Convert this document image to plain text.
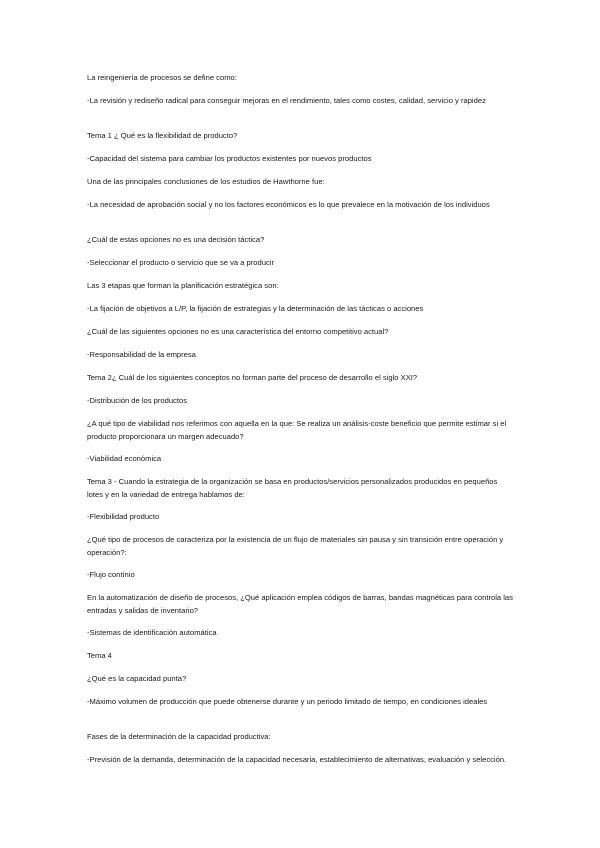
La reingeniería de procesos se define como:

-La revisión y rediseño radical para conseguir mejoras en el rendimiento, tales como costes, calidad, servicio y rapidez

Tema 1 ¿ Qué es la flexibilidad de producto?

-Capacidad del sistema para cambiar los productos existentes por nuevos productos

Una de las principales conclusiones de los estudios de Hawthorne fue:

-La necesidad de aprobación social y no los factores económicos es lo que prevalece en la motivación de los individuos

¿Cuál de estas opciones no es una decisión táctica?

-Seleccionar el producto o servicio que se va a producir

Las 3 etapas que forman la planificación estratégica son:

-La fijación de objetivos a L/P, la fijación de estrategias y la determinación de las tácticas o acciones

¿Cuál de las siguientes opciones no es una característica del entorno competitivo actual?

-Responsabilidad de la empresa

Tema 2¿ Cuál de los siguientes conceptos no forman parte del proceso de desarrollo el siglo XXI?

-Distribución de los productos

¿A qué tipo de viabilidad nos referimos con aquella en la que: Se realiza un análisis-coste beneficio que permite estimar si el producto proporcionara un margen adecuado?

-Viabilidad económica

Tema 3 - Cuando la estrategia de la organización se basa en productos/servicios personalizados producidos en pequeños lotes y en la variedad de entrega hablamos de:

-Flexibilidad producto

¿Qué tipo de procesos de caracteriza por la existencia de un flujo de materiales sin pausa y sin transición entre operación y operación?:

-Flujo contínio

En la automatización de diseño de procesos, ¿Qué aplicación emplea códigos de barras, bandas magnéticas para controla las entradas y salidas de inventario?

-Sistemas de identificación automática

Tema 4

¿Qué es la capacidad punta?

-Máximo volumen de producción que puede obtenerse durante y un periodo limitado de tiempo, en condiciones ideales

Fases de la determinación de la capacidad productiva:

-Previsión de la demanda, determinación de la capacidad necesaria, establecimiento de alternativas, evaluación y selección.
